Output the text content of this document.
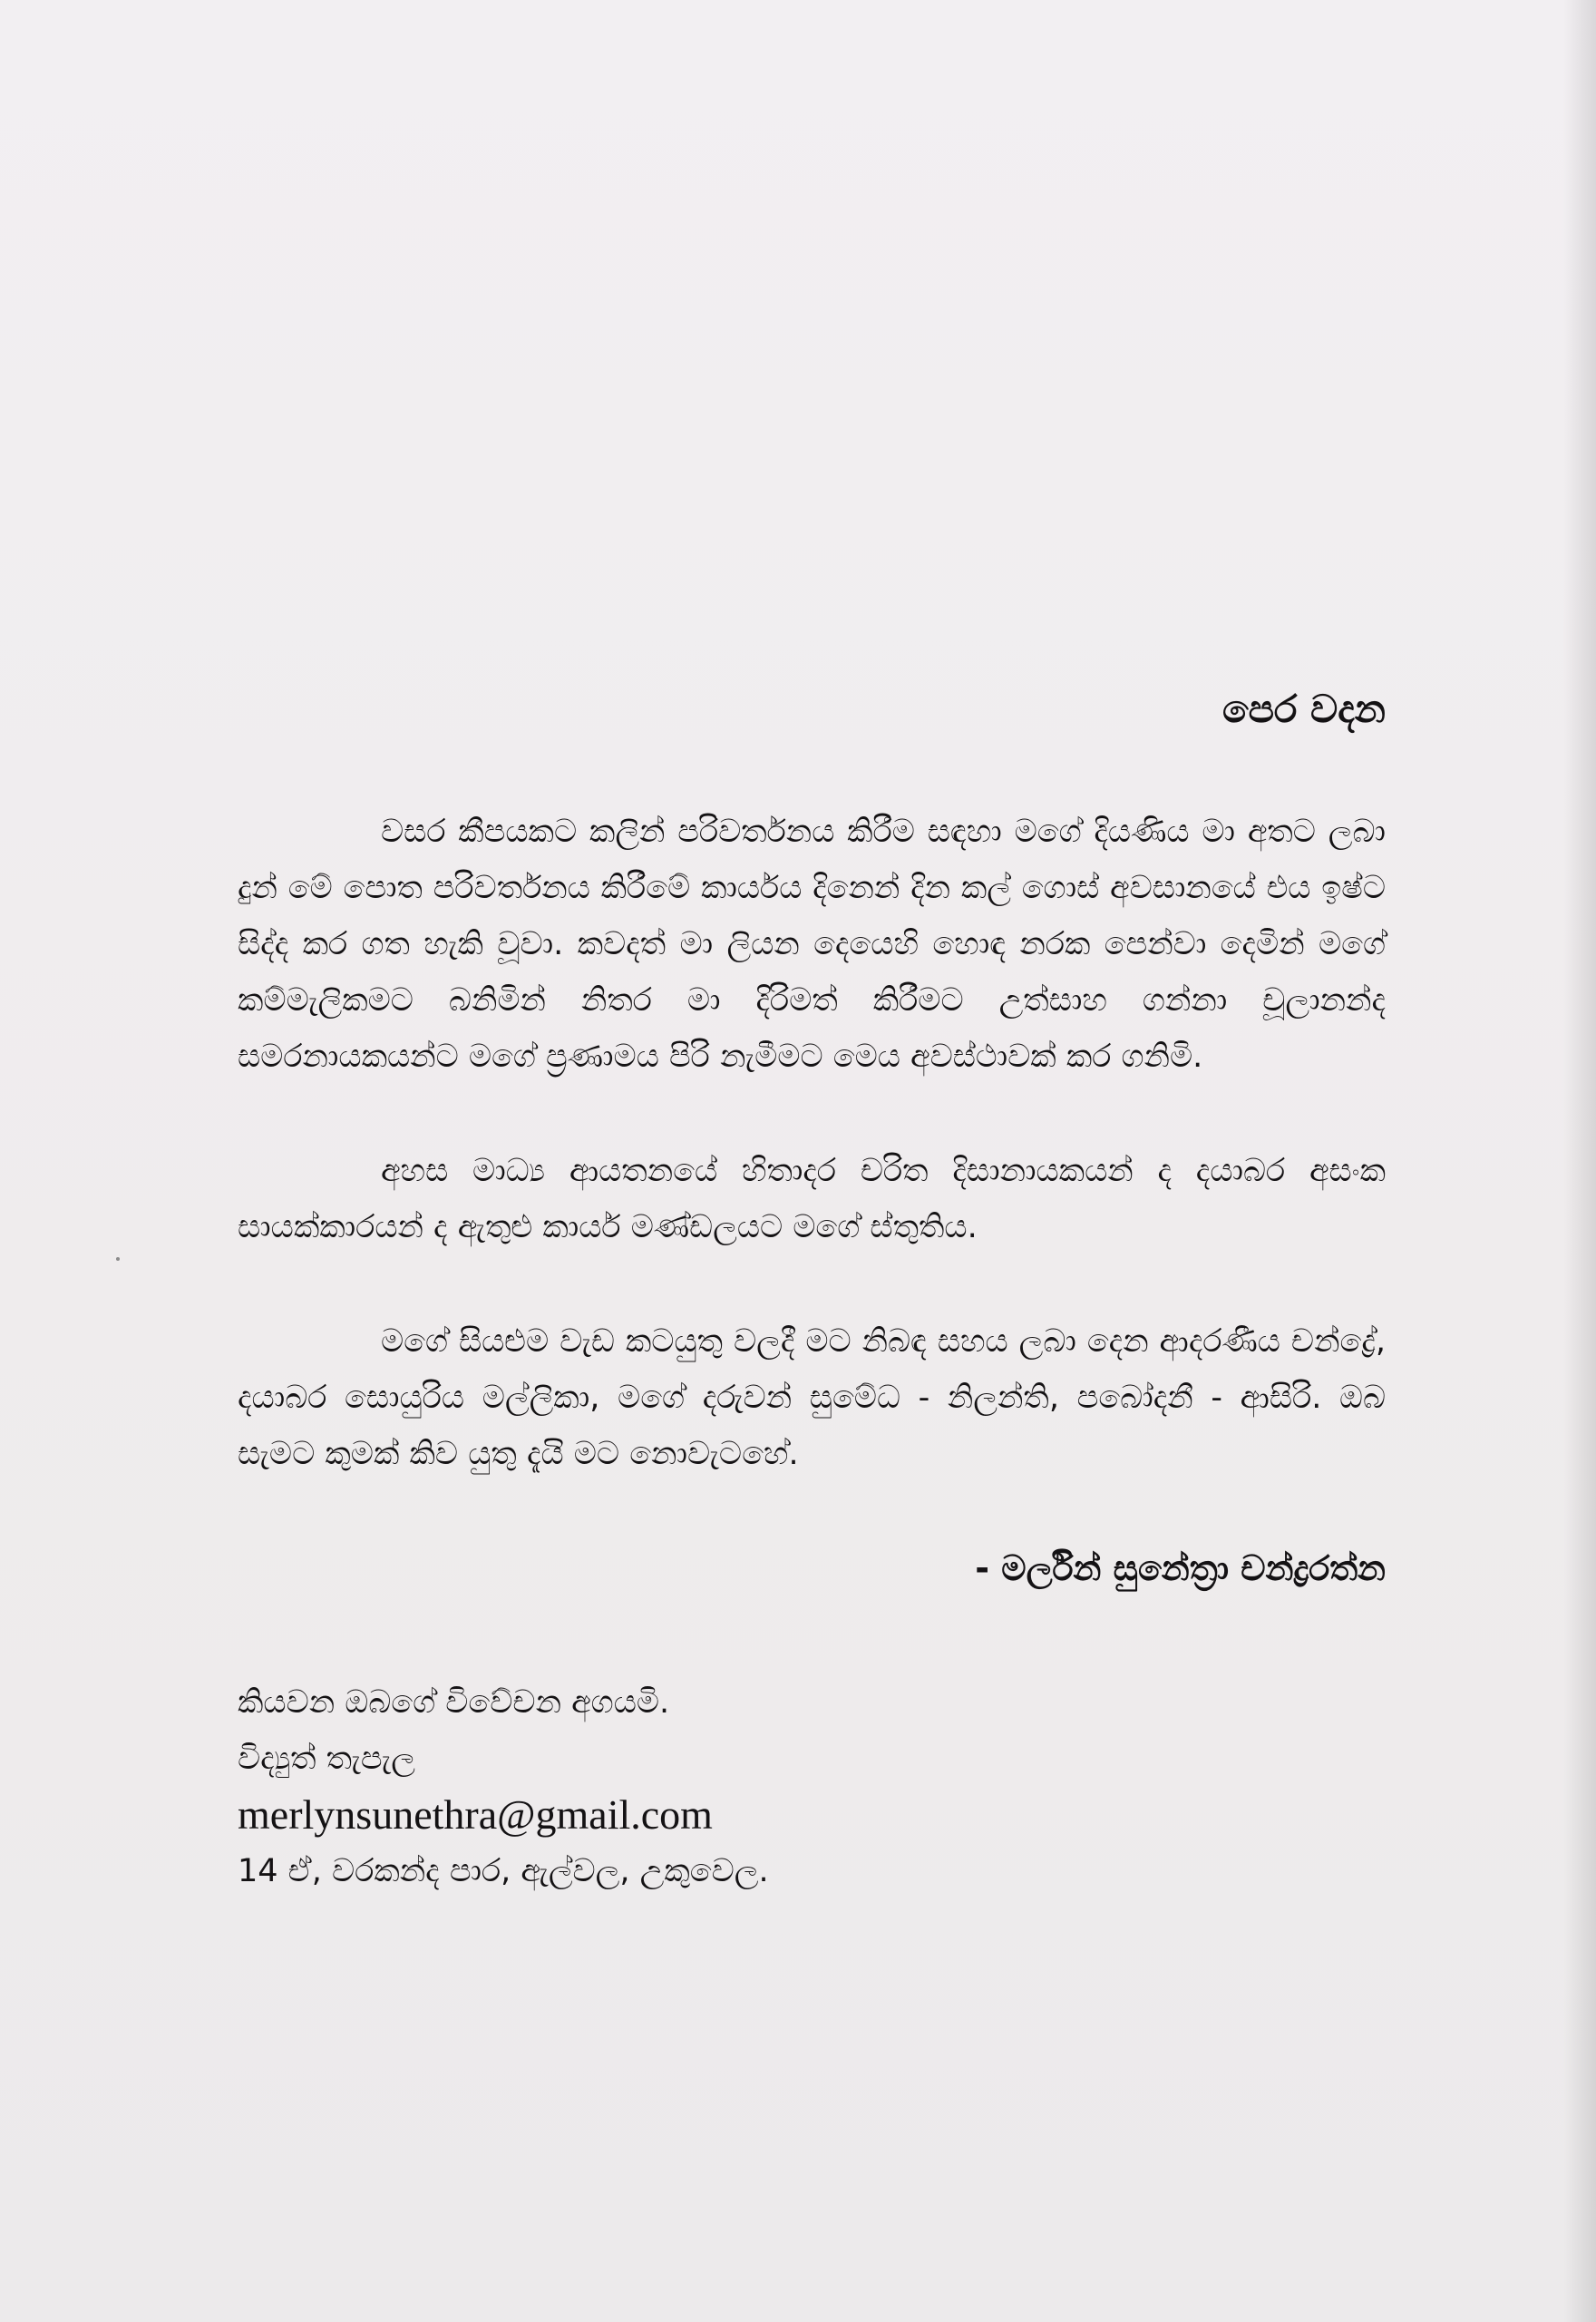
පෙර වදන

වසර කීපයකට කලින් පරිවර්තනය කිරීම සඳහා මගේ දියණිය මා අතට ලබා දුන් මේ පොත පරිවර්තනය කිරීමේ කාර්යය දිනෙන් දින කල් ගොස් අවසානයේ එය ඉෂ්ට සිද්ද කර ගත හැකි වූවා. කවදත් මා ලියන දෙයෙහි හොඳ නරක පෙන්වා දෙමින් මගේ කම්මැලිකමට බනිමින් නිතර මා දිරිමත් කිරීමට උත්සාහ ගන්නා චූලානන්ද සමරනායකයන්ට මගේ ප්‍රණාමය පිරි නැමීමට මෙය අවස්ථාවක් කර ගනිමි.

අහස මාධ්‍ය ආයතනයේ හිතාදර චරිත දිසානායකයන් ද දයාබර අසංක සායක්කාරයන් ද ඇතුළු කාර්ය මණ්ඩලයට මගේ ස්තුතිය.

මගේ සියළුම වැඩ කටයුතු වලදී මට නිබඳ සහය ලබා දෙන ආදරණීය චන්ද්‍රේ, දයාබර සොයුරිය මල්ලිකා, මගේ දරුවන් සුමේධ - නිලන්ති, පබෝදනී - ආසිරි. ඔබ සැමට කුමක් කිව යුතු දැයි මට නොවැටහේ.

- මර්ලින් සුනේත්‍රා චන්ද්‍රරත්න

කියවන ඔබගේ විවේචන අගයමි.

විද්‍යුත් තැපැල

merlynsunethra@gmail.com

14 ඒ, වරකන්ද පාර, ඇල්වල, උකුවෙල.
